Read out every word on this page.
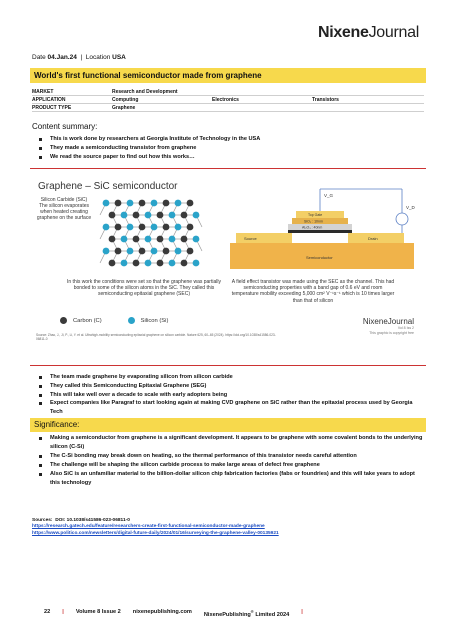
NixeneJournal
Date 04.Jan.24  |  Location USA
World's first functional semiconductor made from graphene
MARKET	Research and Development
APPLICATION	Computing	Electronics	Transistors
PRODUCT TYPE	Graphene
Content summary:
This is work done by researchers at Georgia Institute of Technology in the USA
They made a semiconducting transistor from graphene
We read the source paper to find out how this works…
Graphene – SiC semiconductor
Silicon Carbide (SiC) The silicon evaporates when heated creating graphene on the surface
V_G
V_D
Top Gate
SiO₂ : 10nm
Al₂O₃ : 40nm
Source	Drain
Semiconductor
In this work the conditions were set so that the graphene was partially bonded to some of the silicon atoms in the SiC. They called this semiconducting epitaxial graphene (SEC)
A field effect transistor was made using the SEC as the channel. This had semiconducting properties with a band gap of 0.6 eV and room temperature mobility exceeding 5,000 cm² V⁻¹s⁻¹ which is 10 times larger than that of silicon
Carbon (C)	Silicon (Si)
Source: Zhao, J., Ji, P., Li, Y. et al. Ultrahigh-mobility semiconducting epitaxial graphene on silicon carbide. Nature 625, 60–65 (2024). https://doi.org/10.1038/s41586-023-06811-0
NixeneJournal
Vol 8 Iss 2
This graphic is copyright free
The team made graphene by evaporating silicon from silicon carbide
They called this Semiconducting Epitaxial Graphene (SEG)
This will take well over a decade to scale with early adopters being
Expect companies like Paragraf to start looking again at making CVD graphene on SiC rather than the epitaxial process used by Georgia Tech
Significance:
Making a semiconductor from graphene is a significant development. It appears to be graphene with some covalent bonds to the underlying silicon (C-Si)
The C-Si bonding may break down on heating, so the thermal performance of this transistor needs careful attention
The challenge will be shaping the silicon carbide process to make large areas of defect free graphene
Also SiC is an unfamiliar material to the billion-dollar silicon chip fabrication factories (fabs or foundries) and this will take years to adopt this technology
Sources: DOI: 10.1038/s41586-023-06811-0
https://research.gatech.edu/feature/researchers-create-first-functional-semiconductor-made-graphene
https://www.politico.com/newsletters/digital-future-daily/2024/01/16/surveying-the-graphene-valley-00135921
22 | Volume 8 Issue 2 nixenepublishing.com NixenePublishing® Limited 2024 |
